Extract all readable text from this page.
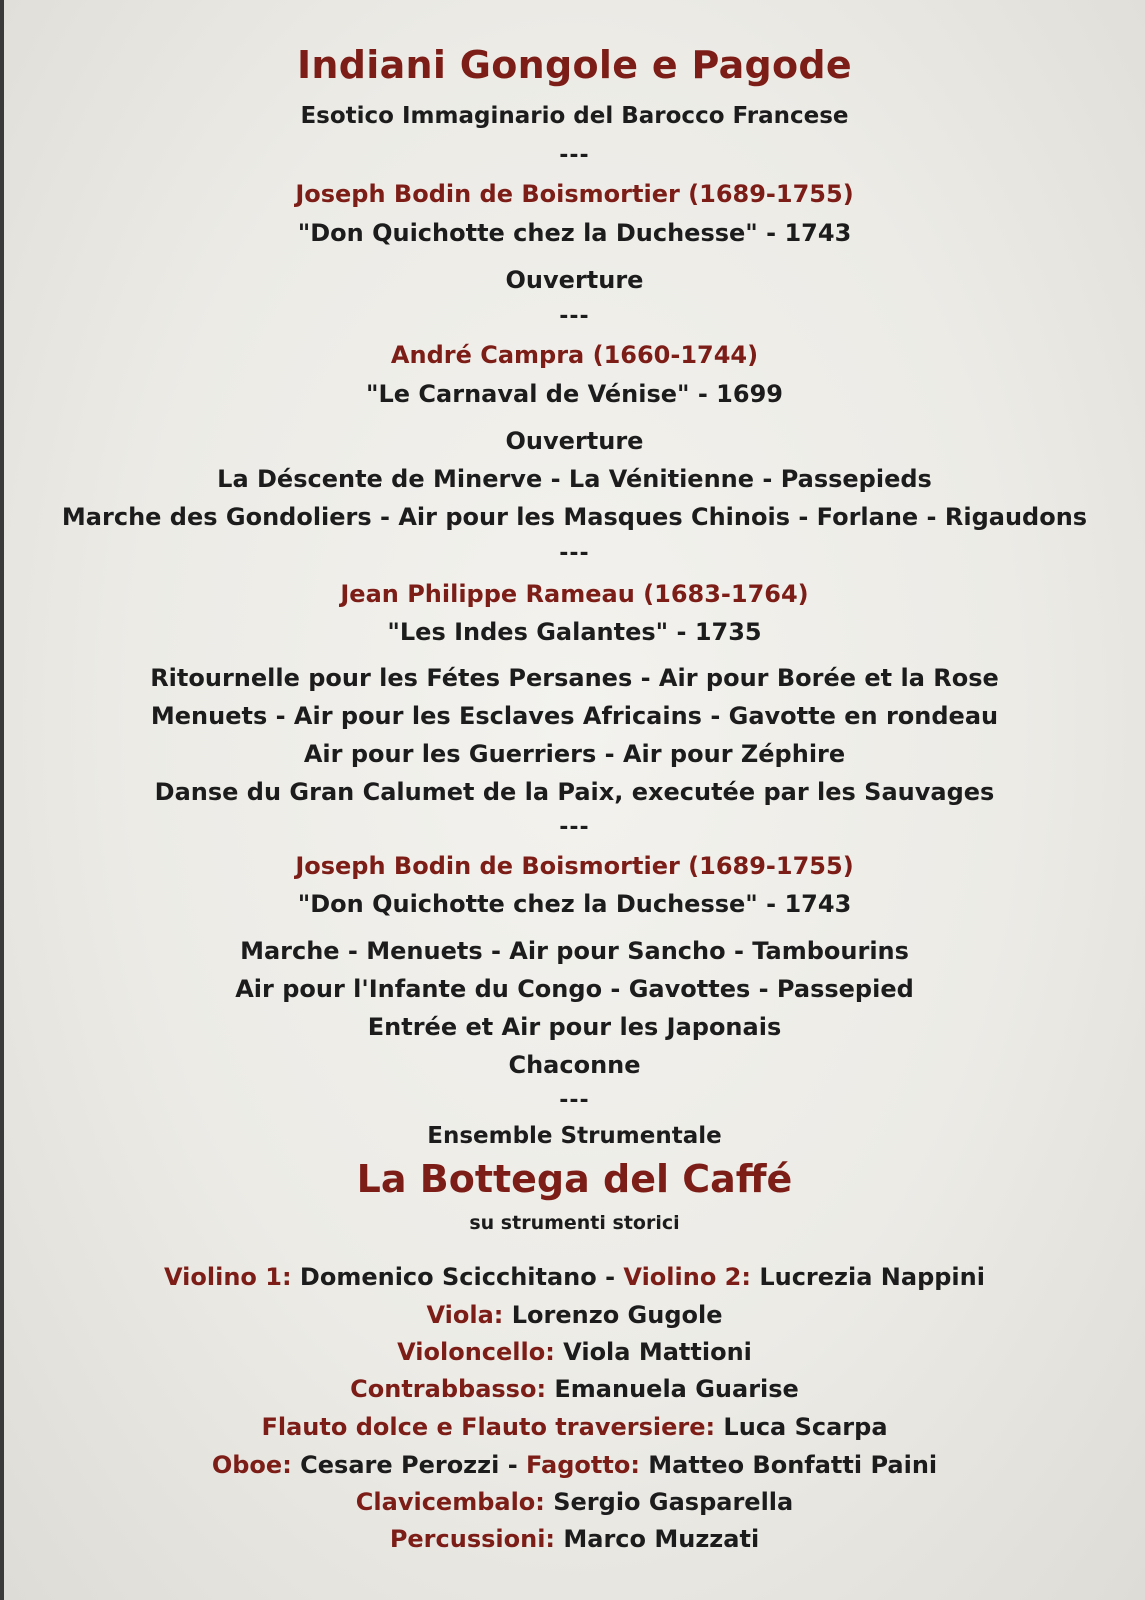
Indiani Gongole e Pagode
Esotico Immaginario del Barocco Francese
---
Joseph Bodin de Boismortier (1689-1755)
"Don Quichotte chez la Duchesse" - 1743
Ouverture
---
André Campra (1660-1744)
"Le Carnaval de Vénise" - 1699
Ouverture
La Déscente de Minerve - La Vénitienne - Passepieds
Marche des Gondoliers - Air pour les Masques Chinois - Forlane - Rigaudons
---
Jean Philippe Rameau (1683-1764)
"Les Indes Galantes" - 1735
Ritournelle pour les Fétes Persanes - Air pour Borée et la Rose
Menuets - Air pour les Esclaves Africains - Gavotte en rondeau
Air pour les Guerriers - Air pour Zéphire
Danse du Gran Calumet de la Paix, executée par les Sauvages
---
Joseph Bodin de Boismortier (1689-1755)
"Don Quichotte chez la Duchesse" - 1743
Marche - Menuets - Air pour Sancho - Tambourins
Air pour l'Infante du Congo - Gavottes - Passepied
Entrée et Air pour les Japonais
Chaconne
---
Ensemble Strumentale
La Bottega del Caffé
su strumenti storici
Violino 1: Domenico Scicchitano - Violino 2: Lucrezia Nappini
Viola: Lorenzo Gugole
Violoncello: Viola Mattioni
Contrabbasso: Emanuela Guarise
Flauto dolce e Flauto traversiere: Luca Scarpa
Oboe: Cesare Perozzi - Fagotto: Matteo Bonfatti Paini
Clavicembalo: Sergio Gasparella
Percussioni: Marco Muzzati
